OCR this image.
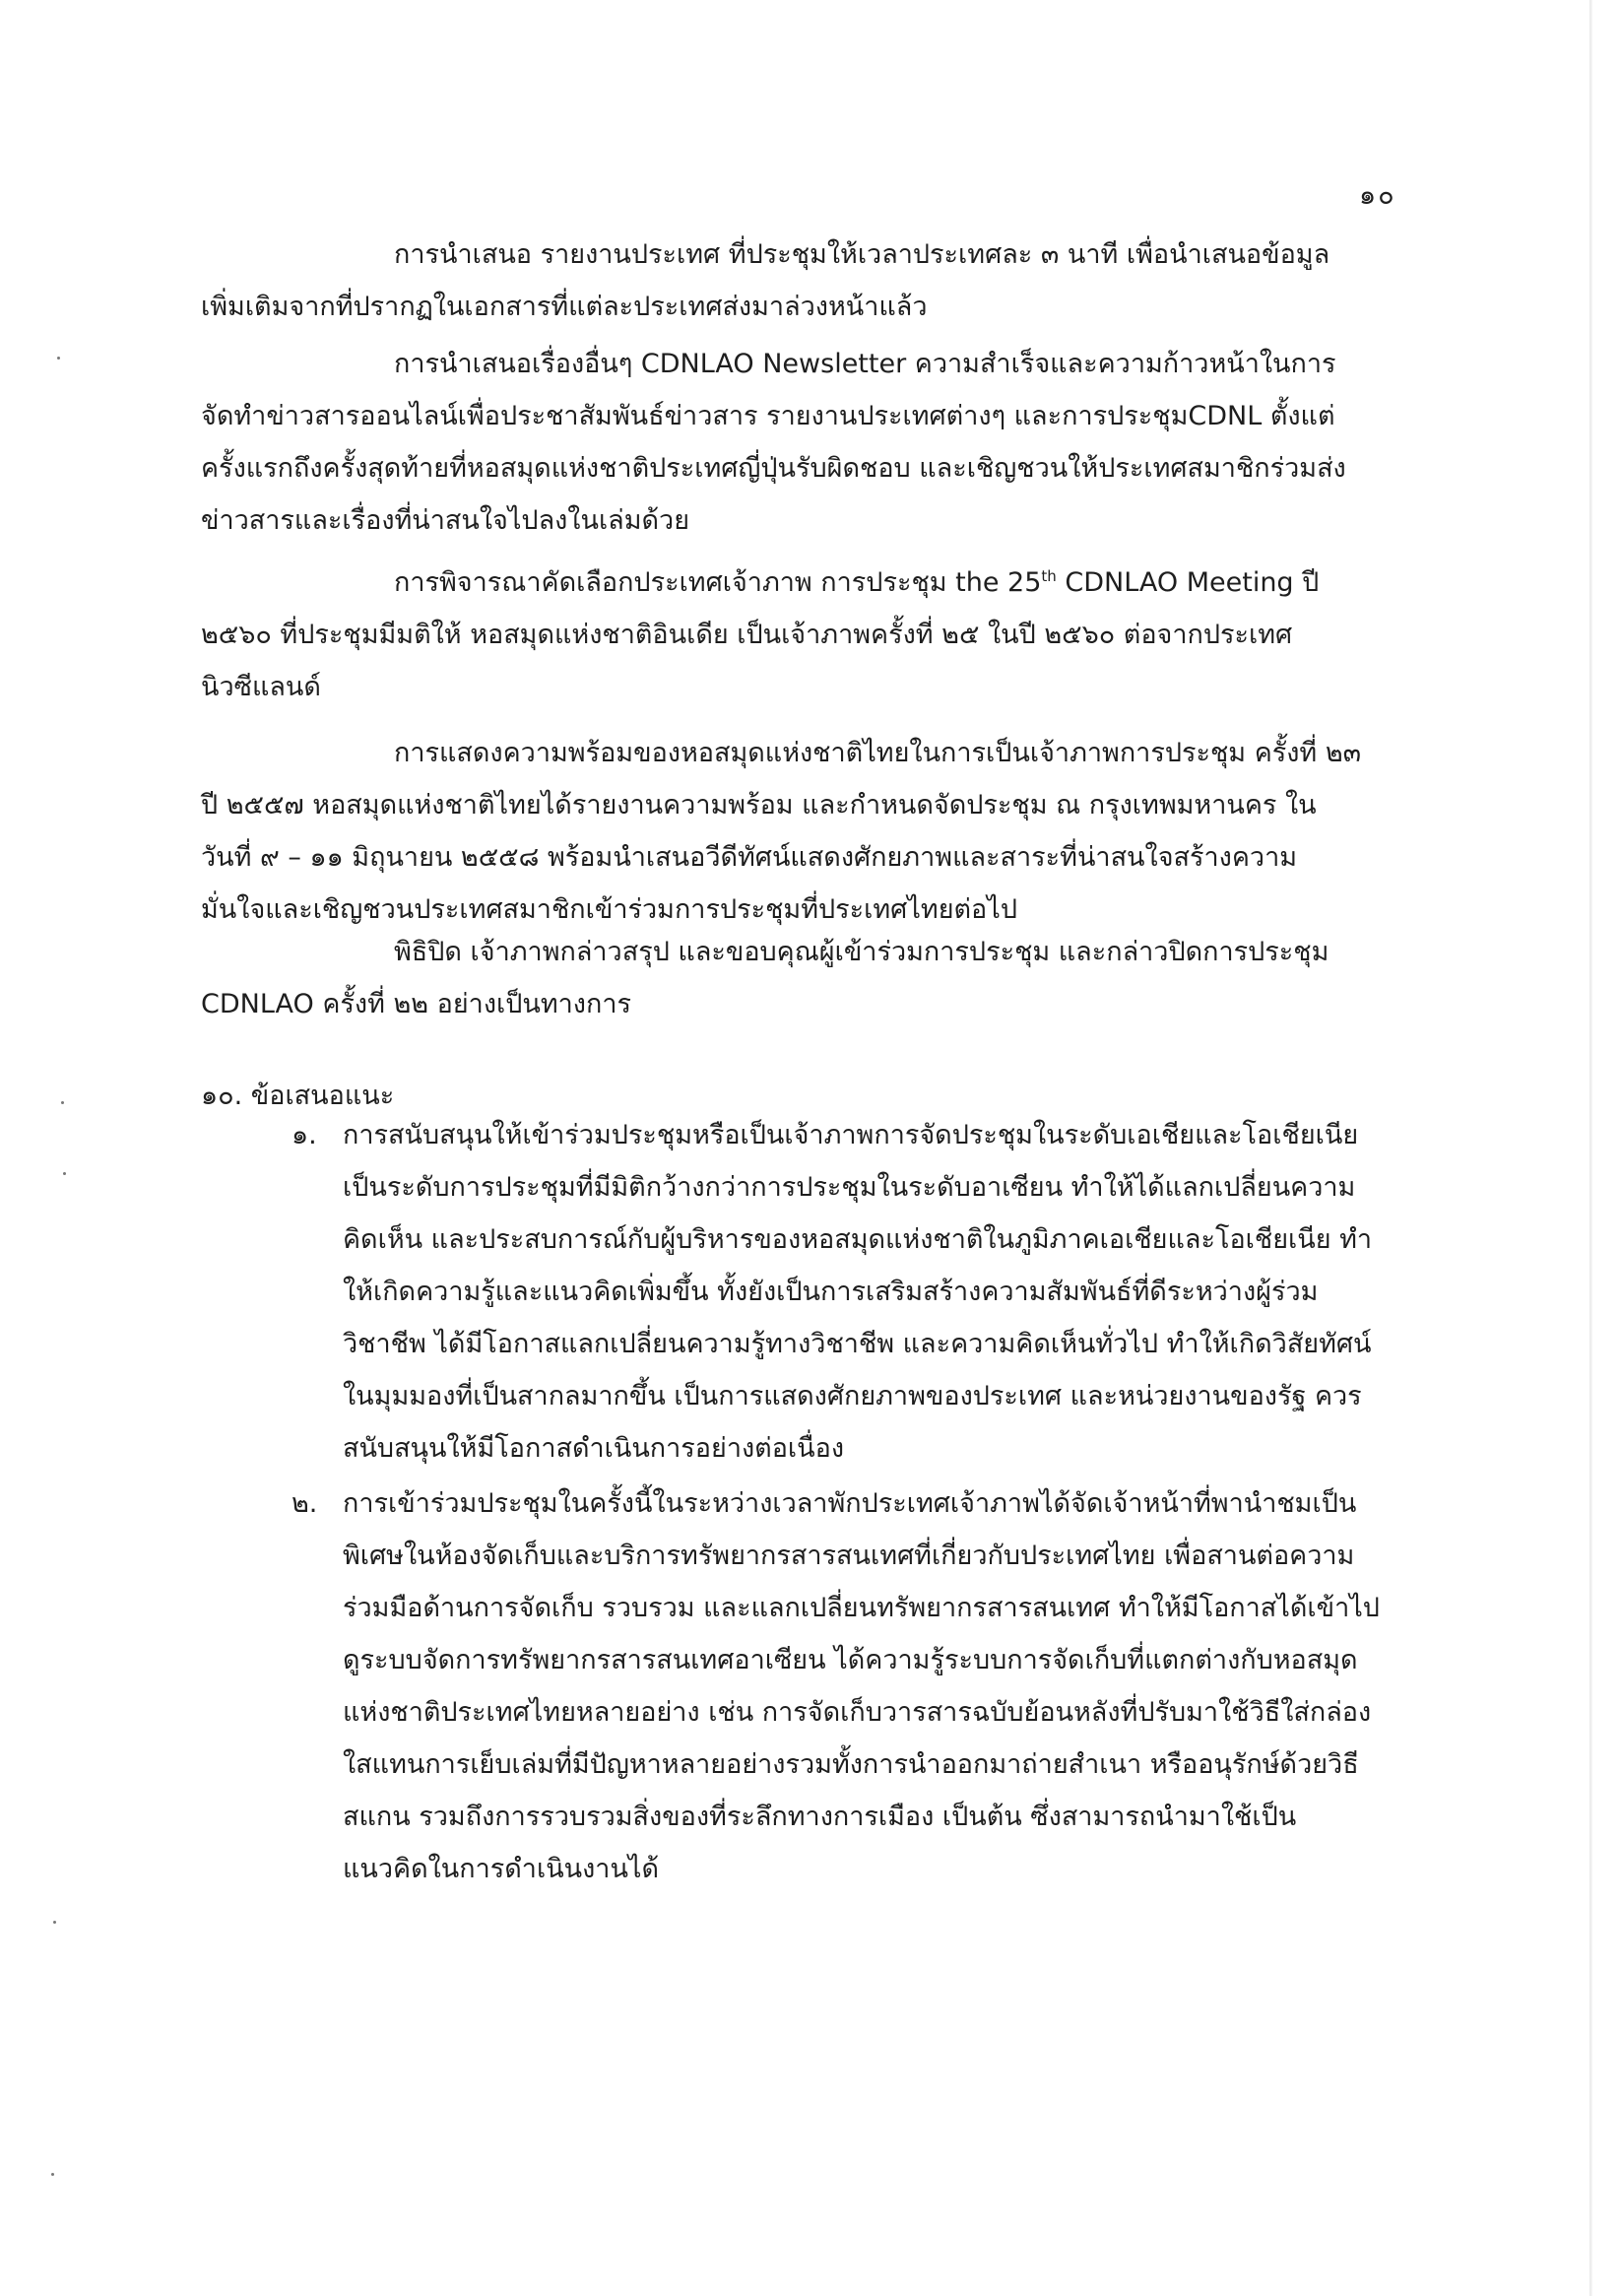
๑๐
การนำเสนอ รายงานประเทศ ที่ประชุมให้เวลาประเทศละ ๓ นาที เพื่อนำเสนอข้อมูล
เพิ่มเติมจากที่ปรากฏในเอกสารที่แต่ละประเทศส่งมาล่วงหน้าแล้ว
การนำเสนอเรื่องอื่นๆ CDNLAO Newsletter ความสำเร็จและความก้าวหน้าในการ
จัดทำข่าวสารออนไลน์เพื่อประชาสัมพันธ์ข่าวสาร รายงานประเทศต่างๆ และการประชุมCDNL ตั้งแต่
ครั้งแรกถึงครั้งสุดท้ายที่หอสมุดแห่งชาติประเทศญี่ปุ่นรับผิดชอบ และเชิญชวนให้ประเทศสมาชิกร่วมส่ง
ข่าวสารและเรื่องที่น่าสนใจไปลงในเล่มด้วย
การพิจารณาคัดเลือกประเทศเจ้าภาพ การประชุม the 25th CDNLAO Meeting ปี
๒๕๖๐ ที่ประชุมมีมติให้ หอสมุดแห่งชาติอินเดีย เป็นเจ้าภาพครั้งที่ ๒๕ ในปี ๒๕๖๐ ต่อจากประเทศ
นิวซีแลนด์
การแสดงความพร้อมของหอสมุดแห่งชาติไทยในการเป็นเจ้าภาพการประชุม ครั้งที่ ๒๓
ปี ๒๕๕๗ หอสมุดแห่งชาติไทยได้รายงานความพร้อม และกำหนดจัดประชุม ณ กรุงเทพมหานคร ใน
วันที่ ๙ – ๑๑ มิถุนายน ๒๕๕๘ พร้อมนำเสนอวีดีทัศน์แสดงศักยภาพและสาระที่น่าสนใจสร้างความ
มั่นใจและเชิญชวนประเทศสมาชิกเข้าร่วมการประชุมที่ประเทศไทยต่อไป
พิธิปิด เจ้าภาพกล่าวสรุป และขอบคุณผู้เข้าร่วมการประชุม และกล่าวปิดการประชุม
CDNLAO ครั้งที่ ๒๒ อย่างเป็นทางการ
๑๐. ข้อเสนอแนะ
๑. การสนับสนุนให้เข้าร่วมประชุมหรือเป็นเจ้าภาพการจัดประชุมในระดับเอเชียและโอเชียเนีย
เป็นระดับการประชุมที่มีมิติกว้างกว่าการประชุมในระดับอาเซียน ทำให้ได้แลกเปลี่ยนความ
คิดเห็น และประสบการณ์กับผู้บริหารของหอสมุดแห่งชาติในภูมิภาคเอเชียและโอเชียเนีย ทำ
ให้เกิดความรู้และแนวคิดเพิ่มขึ้น ทั้งยังเป็นการเสริมสร้างความสัมพันธ์ที่ดีระหว่างผู้ร่วม
วิชาชีพ ได้มีโอกาสแลกเปลี่ยนความรู้ทางวิชาชีพ และความคิดเห็นทั่วไป ทำให้เกิดวิสัยทัศน์
ในมุมมองที่เป็นสากลมากขึ้น เป็นการแสดงศักยภาพของประเทศ และหน่วยงานของรัฐ ควร
สนับสนุนให้มีโอกาสดำเนินการอย่างต่อเนื่อง
๒. การเข้าร่วมประชุมในครั้งนี้ในระหว่างเวลาพักประเทศเจ้าภาพได้จัดเจ้าหน้าที่พานำชมเป็น
พิเศษในห้องจัดเก็บและบริการทรัพยากรสารสนเทศที่เกี่ยวกับประเทศไทย เพื่อสานต่อความ
ร่วมมือด้านการจัดเก็บ รวบรวม และแลกเปลี่ยนทรัพยากรสารสนเทศ ทำให้มีโอกาสได้เข้าไป
ดูระบบจัดการทรัพยากรสารสนเทศอาเซียน ได้ความรู้ระบบการจัดเก็บที่แตกต่างกับหอสมุด
แห่งชาติประเทศไทยหลายอย่าง เช่น การจัดเก็บวารสารฉบับย้อนหลังที่ปรับมาใช้วิธีใส่กล่อง
ใสแทนการเย็บเล่มที่มีปัญหาหลายอย่างรวมทั้งการนำออกมาถ่ายสำเนา หรืออนุรักษ์ด้วยวิธี
สแกน รวมถึงการรวบรวมสิ่งของที่ระลึกทางการเมือง เป็นต้น ซึ่งสามารถนำมาใช้เป็น
แนวคิดในการดำเนินงานได้
